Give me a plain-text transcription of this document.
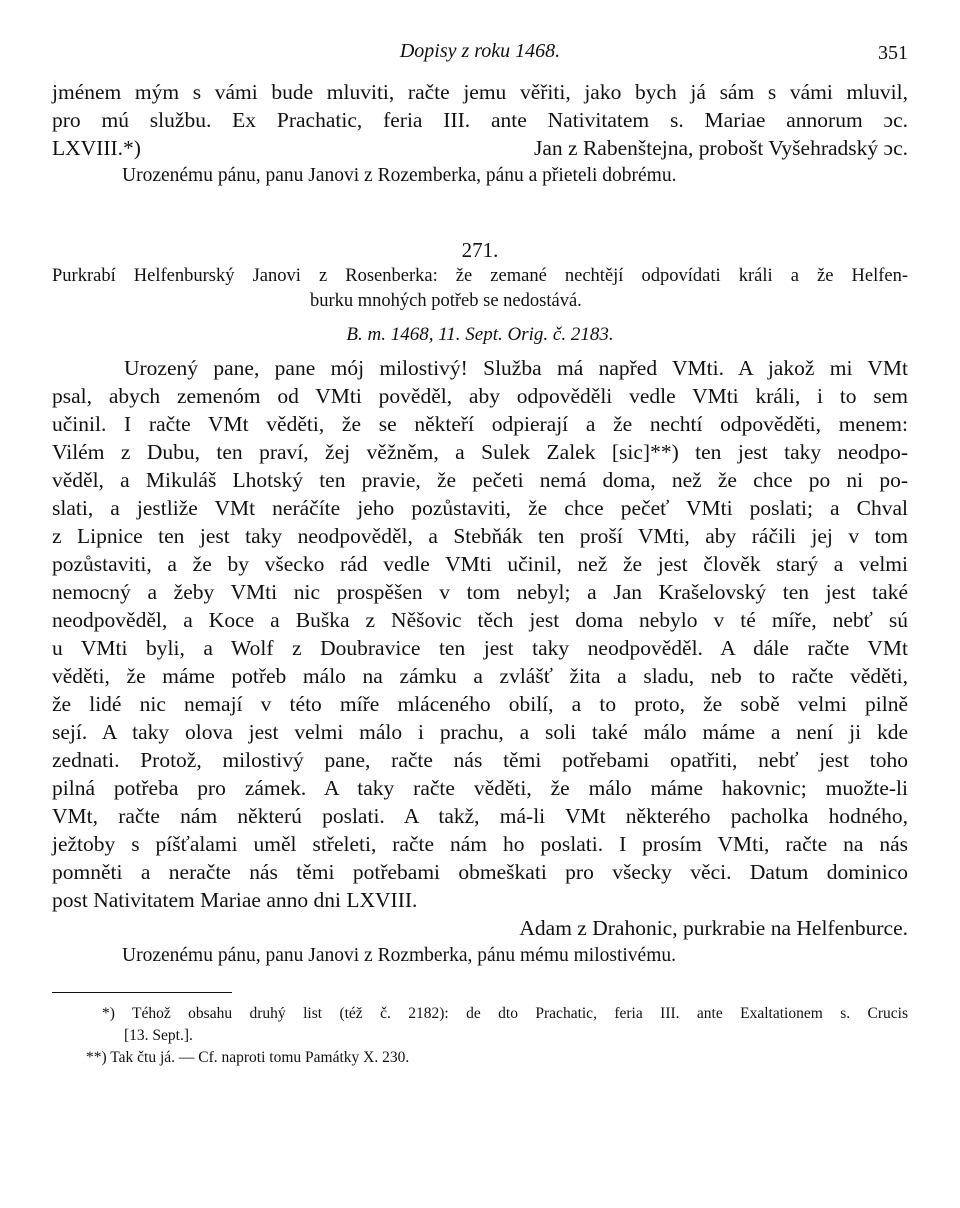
Dopisy z roku 1468.	351
jménem mým s vámi bude mluviti, račte jemu věřiti, jako bych já sám s vámi mluvil,
pro mú službu. Ex Prachatic, feria III. ante Nativitatem s. Mariae annorum ɔc.
LXVIII.*)	Jan z Rabenštejna, probošt Vyšehradský ɔc.
Urozenému pánu, panu Janovi z Rozemberka, pánu a přieteli dobrému.
271.
Purkrabí Helfenburský Janovi z Rosenberka: že zemané nechtějí odpovídati králi a že Helfen-
burku mnohých potřeb se nedostává.
B. m. 1468, 11. Sept. Orig. č. 2183.
Urozený pane, pane mój milostivý! Služba má napřed VMti. A jakož mi VMt
psal, abych zemenóm od VMti pověděl, aby odpověděli vedle VMti králi, i to sem
učinil. I račte VMt věděti, že se někteří odpierají a že nechtí odpověděti, menem:
Vilém z Dubu, ten praví, žej věžněm, a Sulek Zalek [sic]**) ten jest taky neodpo-
věděl, a Mikuláš Lhotský ten pravie, že pečeti nemá doma, než že chce po ni po-
slati, a jestliže VMt neráčíte jeho pozůstaviti, že chce pečeť VMti poslati; a Chval
z Lipnice ten jest taky neodpověděl, a Stebňák ten proší VMti, aby ráčili jej v tom
pozůstaviti, a že by všecko rád vedle VMti učinil, než že jest člověk starý a velmi
nemocný a žeby VMti nic prospěšen v tom nebyl; a Jan Krašelovský ten jest také
neodpověděl, a Koce a Buška z Něšovic těch jest doma nebylo v té míře, nebť sú
u VMti byli, a Wolf z Doubravice ten jest taky neodpověděl. A dále račte VMt
věděti, že máme potřeb málo na zámku a zvlášť žita a sladu, neb to račte věděti,
že lidé nic nemají v této míře mláceného obilí, a to proto, že sobě velmi pilně
sejí. A taky olova jest velmi málo i prachu, a soli také málo máme a není ji kde
zednati. Protož, milostivý pane, račte nás těmi potřebami opatřiti, nebť jest toho
pilná potřeba pro zámek. A taky račte věděti, že málo máme hakovnic; muožte-li
VMt, račte nám některú poslati. A takž, má-li VMt některého pacholka hodného,
ježtoby s píšťalami uměl střeleti, račte nám ho poslati. I prosím VMti, račte na nás
pomněti a neračte nás těmi potřebami obmeškati pro všecky věci. Datum dominico
post Nativitatem Mariae anno dni LXVIII.
Adam z Drahonic, purkrabie na Helfenburce.
Urozenému pánu, panu Janovi z Rozmberka, pánu mému milostivému.
*) Téhož obsahu druhý list (též č. 2182): de dto Prachatic, feria III. ante Exaltationem s. Crucis
[13. Sept.].
**) Tak čtu já. — Cf. naproti tomu Památky X. 230.
